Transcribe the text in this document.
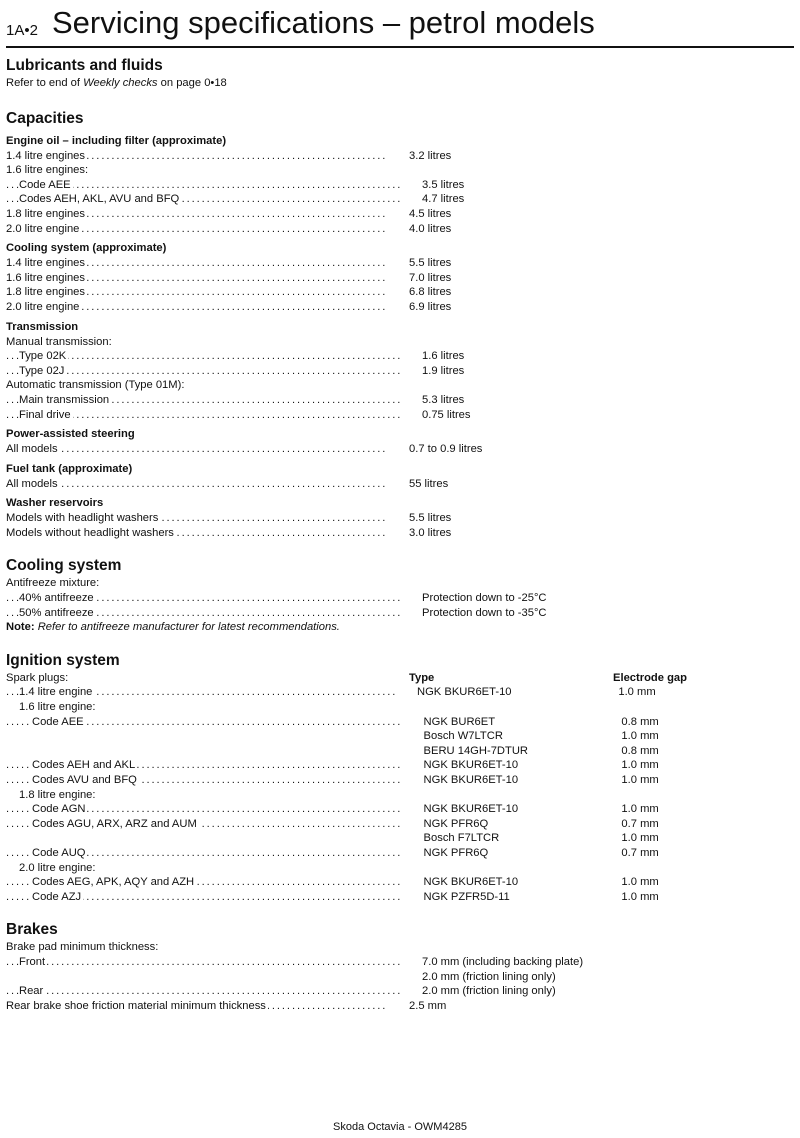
1A•2 Servicing specifications – petrol models
Lubricants and fluids
Refer to end of Weekly checks on page 0•18
Capacities
Engine oil – including filter (approximate)
1.4 litre engines . . .	3.2 litres
1.6 litre engines:
Code AEE . . .	3.5 litres
Codes AEH, AKL, AVU and BFQ . . .	4.7 litres
1.8 litre engines . . .	4.5 litres
2.0 litre engine . . .	4.0 litres
Cooling system (approximate)
1.4 litre engines . . .	5.5 litres
1.6 litre engines . . .	7.0 litres
1.8 litre engines . . .	6.8 litres
2.0 litre engine . . .	6.9 litres
Transmission
Manual transmission:
Type 02K . . .	1.6 litres
Type 02J . . .	1.9 litres
Automatic transmission (Type 01M):
Main transmission . . .	5.3 litres
Final drive . . .	0.75 litres
Power-assisted steering
All models . . .	0.7 to 0.9 litres
Fuel tank (approximate)
All models . . .	55 litres
Washer reservoirs
Models with headlight washers . . .	5.5 litres
Models without headlight washers . . .	3.0 litres
Cooling system
Antifreeze mixture:
40% antifreeze . . .	Protection down to -25°C
50% antifreeze . . .	Protection down to -35°C
Note: Refer to antifreeze manufacturer for latest recommendations.
Ignition system
Spark plugs:	Type	Electrode gap
1.4 litre engine . . .	NGK BKUR6ET-10	1.0 mm
1.6 litre engine:
Code AEE . . .	NGK BUR6ET	0.8 mm
Bosch W7LTCR	1.0 mm
BERU 14GH-7DTUR	0.8 mm
Codes AEH and AKL . . .	NGK BKUR6ET-10	1.0 mm
Codes AVU and BFQ . . .	NGK BKUR6ET-10	1.0 mm
1.8 litre engine:
Code AGN . . .	NGK BKUR6ET-10	1.0 mm
Codes AGU, ARX, ARZ and AUM . . .	NGK PFR6Q	0.7 mm
Bosch F7LTCR	1.0 mm
Code AUQ . . .	NGK PFR6Q	0.7 mm
2.0 litre engine:
Codes AEG, APK, AQY and AZH . . .	NGK BKUR6ET-10	1.0 mm
Code AZJ . . .	NGK PZFR5D-11	1.0 mm
Brakes
Brake pad minimum thickness:
Front . . .	7.0 mm (including backing plate)
2.0 mm (friction lining only)
Rear . . .	2.0 mm (friction lining only)
Rear brake shoe friction material minimum thickness . . .	2.5 mm
Skoda Octavia - OWM4285
